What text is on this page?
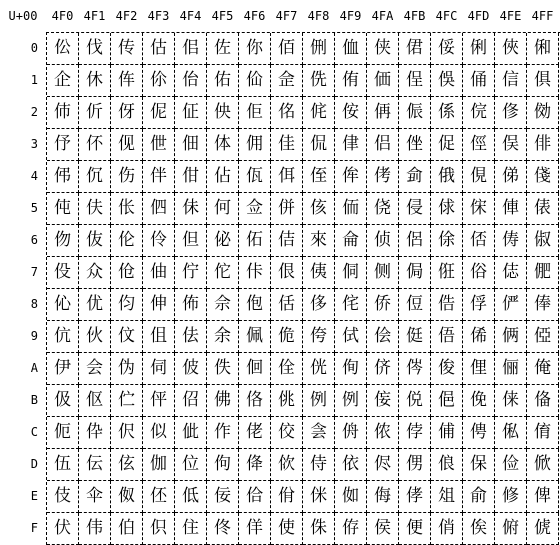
U+00	4F0 4F1 4F2 4F3 4F4 4F5 4F6 4F7 4F8 4F9 4FA 4FB 4FC 4FD 4FE 4FF
0
1
2
3
4
5
6
7
8
9
A
B
C
D
E
F
伀 伐 传 估 佀 佐 你 佰 侀 侐 侠 侰 俀 俐 俠 俰
企 休 伡 伱 佁 佑 佡 佱 侁 侑 価 侱 俁 俑 信 俱
伂 伒 伢 伲 佂 佒 佢 佲 侂 侒 侢 侲 係 俒 俢 俲
伃 伓 伣 伳 佃 体 佣 佳 侃 侓 侣 侳 促 俓 俣 俳
伄 伔 伤 伴 佄 佔 佤 佴 侄 侔 侤 侴 俄 俔 俤 俴
伅 伕 伥 伵 佅 何 佥 併 侅 侕 侥 侵 俅 俕 俥 俵
伆 伖 伦 伶 但 佖 佦 佶 來 侖 侦 侶 俆 俖 俦 俶
伇 众 伧 伷 佇 佗 佧 佷 侇 侗 侧 侷 俇 俗 俧 俷
伈 优 伨 伸 佈 佘 佨 佸 侈 侘 侨 侸 俈 俘 俨 俸
伉 伙 伩 伹 佉 余 佩 佹 侉 侙 侩 侹 俉 俙 俩 俹
伊 会 伪 伺 佊 佚 佪 佺 侊 侚 侪 侺 俊 俚 俪 俺
伋 伛 伫 伻 佋 佛 佫 佻 例 例 侫 侻 俋 俛 俫 俻
伌 伜 伬 似 佌 作 佬 佼 侌 侜 侬 侼 俌 俜 俬 俼
伍 伝 伭 伽 位 佝 佭 佽 侍 依 侭 侽 俍 保 俭 俽
伎 伞 伮 伾 低 佞 佮 佾 侎 侞 侮 侾 俎 俞 修 俾
伏 伟 伯 伿 住 佟 佯 使 侏 侟 侯 便 俏 俟 俯 俿
